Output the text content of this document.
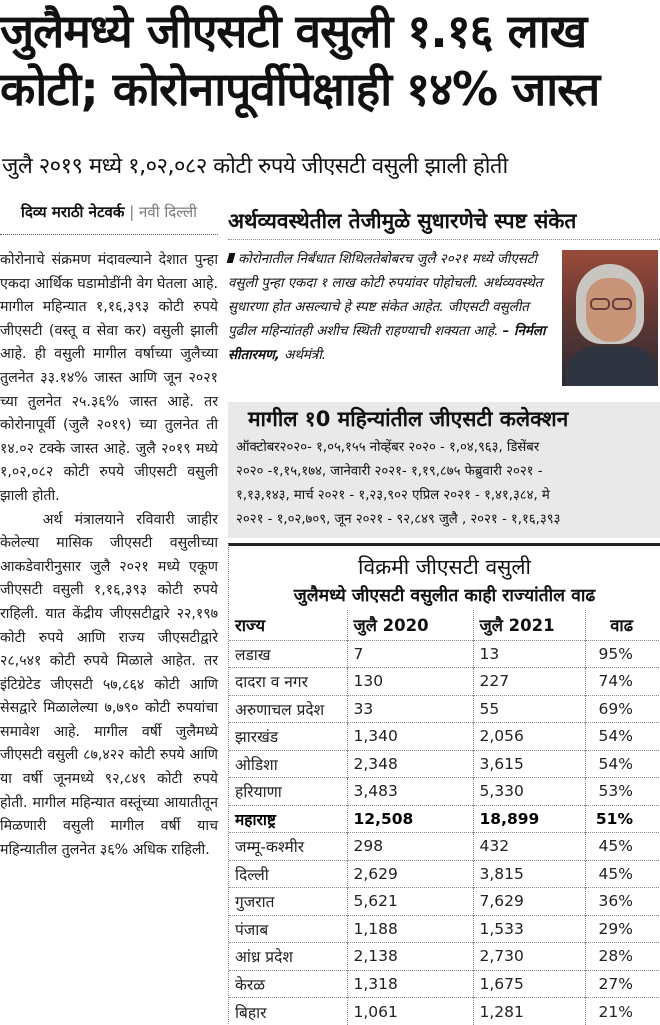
जुलैमध्ये जीएसटी वसुली १.१६ लाख
कोटी; कोरोनापूर्वीपेक्षाही १४% जास्त
जुलै २०१९ मध्ये १,०२,०८२ कोटी रुपये जीएसटी वसुली झाली होती
दिव्य मराठी नेटवर्क | नवी दिल्ली

कोरोनाचे संक्रमण मंदावल्याने देशात पुन्हा एकदा आर्थिक घडामोडींनी वेग घेतला आहे. मागील महिन्यात १,१६,३९३ कोटी रुपये जीएसटी (वस्तू व सेवा कर) वसुली झाली आहे. ही वसुली मागील वर्षाच्या जुलैच्या तुलनेत ३३.१४% जास्त आणि जून २०२१ च्या तुलनेत २५.३६% जास्त आहे. तर कोरोनापूर्वी (जुलै २०१९) च्या तुलनेत ती १४.०२ टक्के जास्त आहे. जुलै २०१९ मध्ये १,०२,०८२ कोटी रुपये जीएसटी वसुली झाली होती.

अर्थ मंत्रालयाने रविवारी जाहीर केलेल्या मासिक जीएसटी वसुलीच्या आकडेवारीनुसार जुलै २०२१ मध्ये एकूण जीएसटी वसुली १,१६,३९३ कोटी रुपये राहिली. यात केंद्रीय जीएसटीद्वारे २२,१९७ कोटी रुपये आणि राज्य जीएसटीद्वारे २८,५४१ कोटी रुपये मिळाले आहेत. तर इंटिग्रेटेड जीएसटी ५७,८६४ कोटी आणि सेसद्वारे मिळालेल्या ७,७९० कोटी रुपयांचा समावेश आहे. मागील वर्षी जुलैमध्ये जीएसटी वसुली ८७,४२२ कोटी रुपये आणि या वर्षी जूनमध्ये ९२,८४९ कोटी रुपये होती. मागील महिन्यात वस्तूंच्या आयातीतून मिळणारी वसुली मागील वर्षी याच महिन्यातील तुलनेत ३६% अधिक राहिली.

अर्थव्यवस्थेतील तेजीमुळे सुधारणेचे स्पष्ट संकेत
कोरोनातील निर्बंधात शिथिलतेबोबरच जुलै २०२१ मध्ये जीएसटी वसुली पुन्हा एकदा १ लाख कोटी रुपयांवर पोहोचली. अर्थव्यवस्थेत सुधारणा होत असल्याचे हे स्पष्ट संकेत आहेत. जीएसटी वसुलीत पुढील महिन्यांतही अशीच स्थिती राहण्याची शक्यता आहे. – निर्मला सीतारमण, अर्थमंत्री.
मागील १0 महिन्यांतील जीएसटी कलेक्शन
ऑक्टोबर२०२०- १,०५,१५५ नोव्हेंबर २०२० - १,०४,९६३, डिसेंबर
२०२० -१,१५,१७४, जानेवारी २०२१- १,१९,८७५ फेब्रुवारी २०२१ -
१,१३,१४३, मार्च २०२१ - १,२३,९०२ एप्रिल २०२१ - १,४१,३८४, मे
२०२१ - १,०२,७०९, जून २०२१ - ९२,८४९ जुलै , २०२१ - १,१६,३९३
विक्रमी जीएसटी वसुली
जुलैमध्ये जीएसटी वसुलीत काही राज्यांतील वाढ
राज्य	जुलै 2020	जुलै 2021	वाढ
लडाख	7	13	95%
दादरा व नगर	130	227	74%
अरुणाचल प्रदेश	33	55	69%
झारखंड	1,340	2,056	54%
ओडिशा	2,348	3,615	54%
हरियाणा	3,483	5,330	53%
महाराष्ट्र	12,508	18,899	51%
जम्मू-कश्मीर	298	432	45%
दिल्ली	2,629	3,815	45%
गुजरात	5,621	7,629	36%
पंजाब	1,188	1,533	29%
आंध्र प्रदेश	2,138	2,730	28%
केरळ	1,318	1,675	27%
बिहार	1,061	1,281	21%
